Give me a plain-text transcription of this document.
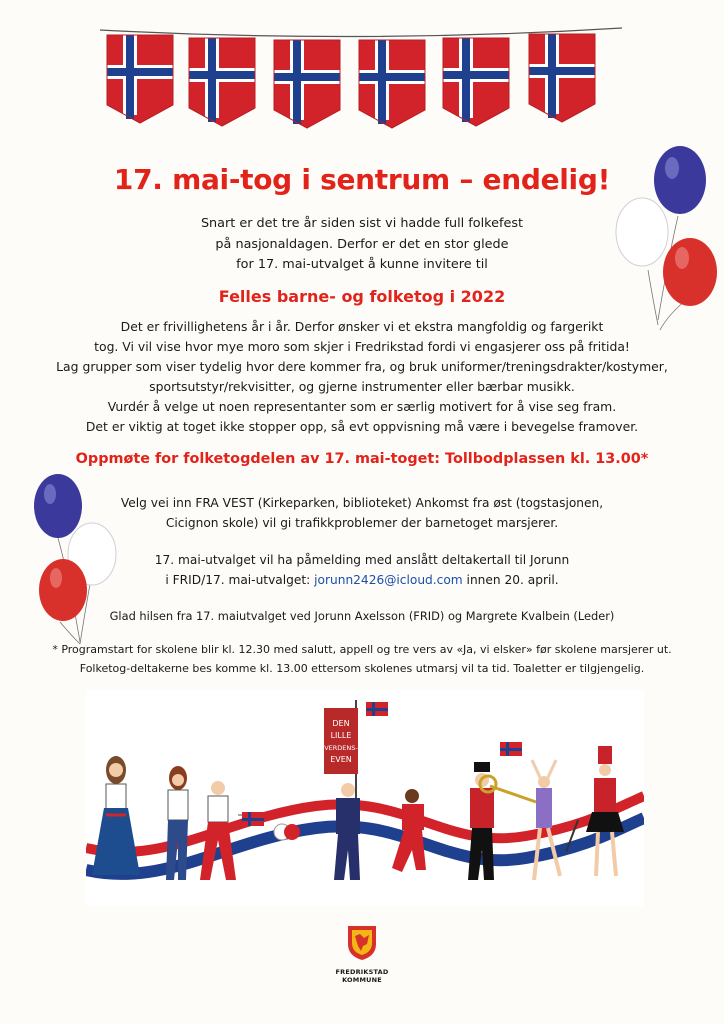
17. mai-tog i sentrum – endelig!
Snart er det tre år siden sist vi hadde full folkefest
på nasjonaldagen. Derfor er det en stor glede
for 17. mai-utvalget å kunne invitere til
Felles barne- og folketog i 2022
Det er frivillighetens år i år. Derfor ønsker vi et ekstra mangfoldig og fargerikt
tog. Vi vil vise hvor mye moro som skjer i Fredrikstad fordi vi engasjerer oss på fritida!
Lag grupper som viser tydelig hvor dere kommer fra, og bruk uniformer/treningsdrakter/kostymer,
sportsutstyr/rekvisitter, og gjerne instrumenter eller bærbar musikk.
Vurdér å velge ut noen representanter som er særlig motivert for å vise seg fram.
Det er viktig at toget ikke stopper opp, så evt oppvisning må være i bevegelse framover.
Oppmøte for folketogdelen av 17. mai-toget: Tollbodplassen kl. 13.00*
Velg vei inn FRA VEST (Kirkeparken, biblioteket) Ankomst fra øst (togstasjonen,
Cicignon skole) vil gi trafikkproblemer der barnetoget marsjerer.
17. mai-utvalget vil ha påmelding med anslått deltakertall til Jorunn
i FRID/17. mai-utvalget: jorunn2426@icloud.com innen 20. april.
Glad hilsen fra 17. maiutvalget ved Jorunn Axelsson (FRID) og Margrete Kvalbein (Leder)
* Programstart for skolene blir kl. 12.30 med salutt, appell og tre vers av «Ja, vi elsker» før skolene marsjerer ut.
Folketog-deltakerne bes komme kl. 13.00 ettersom skolenes utmarsj vil ta tid. Toaletter er tilgjengelig.
DEN
LILLE
VERDENS-
EVEN
FREDRIKSTAD
KOMMUNE
